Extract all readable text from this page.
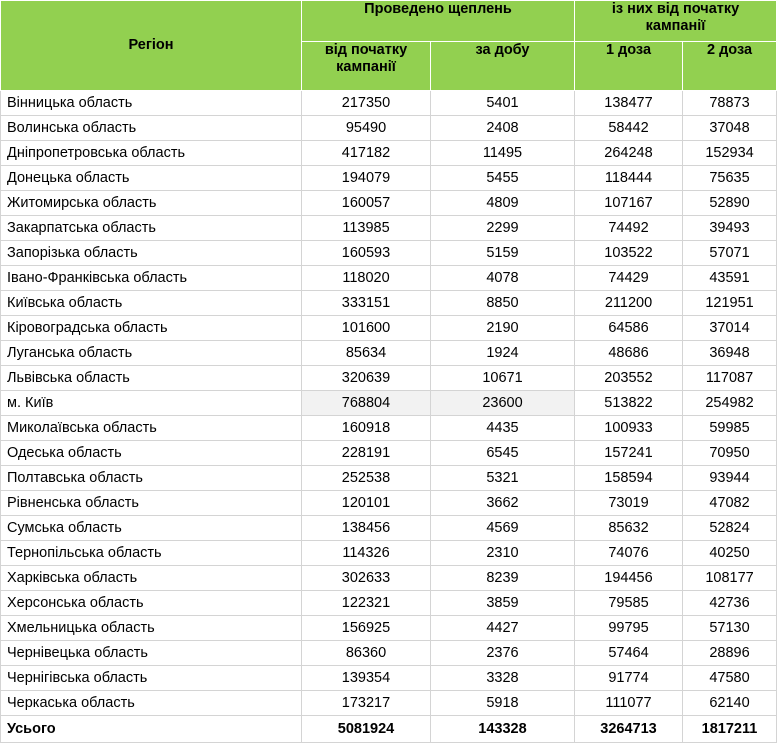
Регіон	Проведено щеплень		із них від початку кампанії	
	від початку кампанії	за добу	1 доза	2 доза
Вінницька область	217350	5401	138477	78873
Волинська область	95490	2408	58442	37048
Дніпропетровська область	417182	11495	264248	152934
Донецька область	194079	5455	118444	75635
Житомирська область	160057	4809	107167	52890
Закарпатська область	113985	2299	74492	39493
Запорізька область	160593	5159	103522	57071
Івано-Франківська область	118020	4078	74429	43591
Київська область	333151	8850	211200	121951
Кіровоградська область	101600	2190	64586	37014
Луганська область	85634	1924	48686	36948
Львівська область	320639	10671	203552	117087
м. Київ	768804	23600	513822	254982
Миколаївська область	160918	4435	100933	59985
Одеська область	228191	6545	157241	70950
Полтавська область	252538	5321	158594	93944
Рівненська область	120101	3662	73019	47082
Сумська область	138456	4569	85632	52824
Тернопільська область	114326	2310	74076	40250
Харківська область	302633	8239	194456	108177
Херсонська область	122321	3859	79585	42736
Хмельницька область	156925	4427	99795	57130
Чернівецька область	86360	2376	57464	28896
Чернігівська область	139354	3328	91774	47580
Черкаська область	173217	5918	111077	62140
Усього	5081924	143328	3264713	1817211
